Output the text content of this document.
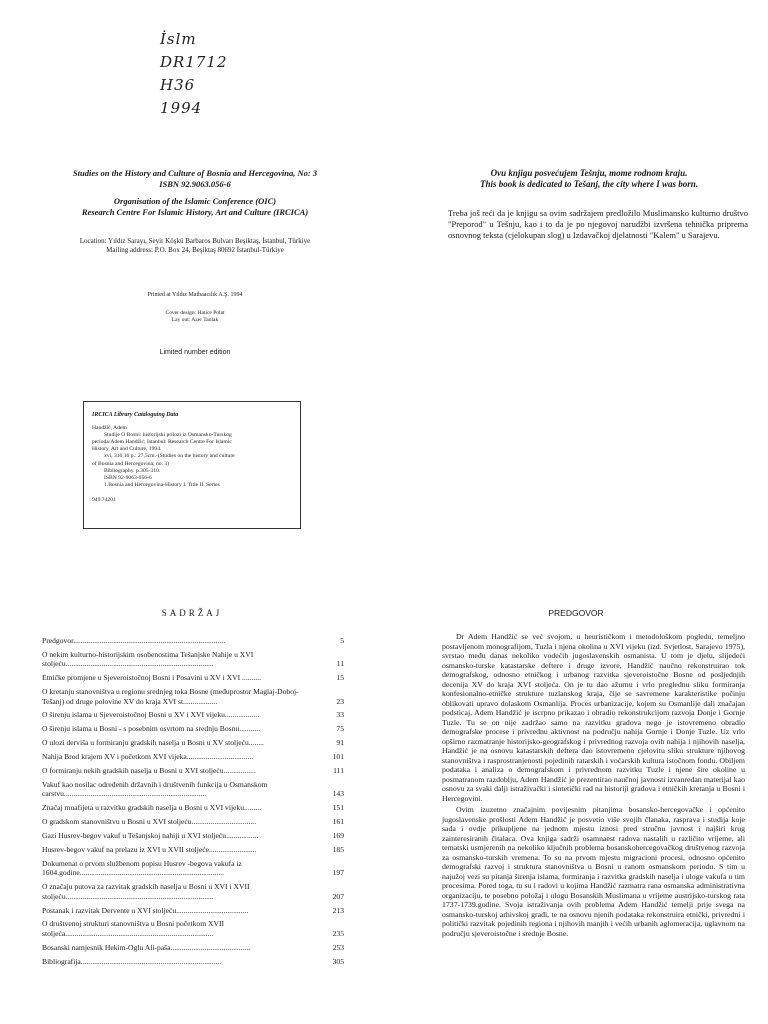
İslm
DR1712
H36
1994
Studies on the History and Culture of Bosnia and Hercegovina, No: 3
ISBN 92.9063.056-6
Organisation of the Islamic Conference (OIC)
Research Centre For Islamic History, Art and Culture (IRCICA)
Location: Yıldız Sarayı, Seyir Köşkü Barbaros Bulvarı Beşiktaş, İstanbul, Türkiye
Mailing address: P.O. Box 24, Beşiktaş 80692 İstanbul-Türkiye
Printed at Yıldız Matbaacılık A.Ş. 1994
Cover design: Hatice Polat
Lay out: Azer Tanlak
Limited number edition
IRCICA Library Cataloguing Data
Handžić, Adem
Studije O Bosni: historijski prilozi iz Osmansko-Turskog
perioda/Adem Handžić; Istanbul: Research Centre For Islamic
History, Art and Culture, 1994.
xvi, 310,16 p.: 27,5cm.-(Studies on the history and culture
of Bosnia and Hercegovina; no. 3)
Bibliography. p.305-310.
ISBN 92-9063-056-6
1.Bosnia and Hercegovina-History I. Title II. Series
949.74201
Ovu knjigu posvećujem Tešnju, mome rodnom kraju.
This book is dedicated to Tešanj, the city where I was born.
Treba još reći da je knjigu sa ovim sadržajem predložilo Muslimansko kulturno društvo "Preporod" u Tešnju, kao i to da je po njegovoj narudžbi izvršena tehnička priprema osnovnog teksta (cjelokupan slog) u Izdavačkoj djelatnosti "Kalem" u Sarajevu.
SADRŽAJ
Predgovor................................................................................	5
O nekim kulturno-historijskim osobenostima Tešanjske Nahije u XVI stoljeću..............................................................................	11
Etničke promjene u Sjeveroistočnoj Bosni i Posavini u XV i XVI ..........	15
O kretanju stanovništva u regionu srednjeg toka Bosne (međuprostor Maglaj-Doboj-Tešanj) od druge polovine XV do kraja XVI st..................	23
O širenju islama u Sjeveroistočnoj Bosni u XV i XVI vijeku..................	33
O širenju islama u Bosni - s posebnim osvrtom na srednju Bosnu...........	75
O ulozi derviša u formiranju gradskih naselja u Bosni u XV stoljeću........	91
Nahija Brod krajem XV i početkom XVI vijeka...................................	101
O formiranju nekih gradskih naselja u Bosni u XVI stoljeću.................	111
Vakuf kao nosilac određenih državnih i društvenih funkcija u Osmanskom carstvu...........................................................................	143
Značaj muafijeta u razvitku gradskih naselja u Bosni u XVI vijeku.........	151
O gradskom stanovništvu u Bosni u XVI stoljeću..................................	161
Gazi Husrev-begov vakuf u Tešanjskoj nahiji u XVI stoljeću.................	169
Husrev-begov vakuf na prelazu iz XVI u XVII stoljeće.........................	185
Dokumenat o prvom službenom popisu Husrev -begova vakufa iz 1604.godine............................................................................	197
O značaju putova za razvitak gradskih naselja u Bosni u XVI i XVII stoljeću..............................................................................	207
Postanak i razvitak Dervente u XVI stoljeću......................................	213
O društvenoj strukturi stanovništva u Bosni početkom XVII stoljeća..............................................................................	235
Bosanski namjesnik Hekim-Oglu Ali-paša..........................................	253
Bibliografija..........................................................................	305
PREDGOVOR

Dr Adem Handžić se već svojom, u heurističkom i metodološkom pogledu, temeljno postavljenom monografijom, Tuzla i njena okolina u XVI vijeku (izd. Svjetlost, Sarajevo 1975), svrstao među danas nekoliko vodećih jugoslavenskih osmanista. U tom je djelu, slijedeći osmansko-turske katastarske deftere i druge izvore, Handžić naučno rekonstruirao tok demografskog, odnosno etničkog i urbanog razvitka sjeveroistočne Bosne od posljednjih decenija XV do kraja XVI stoljeća. On je tu dao ažurnu i vrlo preglednu sliku formiranja konfesionalno-etničke strukture tuzlanskog kraja, čije se savremene karakteristike počinju oblikovati upravo dolaskom Osmanlija. Proces urbanizacije, kojem su Osmanlije dali značajan podsticaj, Adem Handžić je iscrpno prikazao i obradio rekonstrukcijom razvoja Donje i Gornje Tuzle. Tu se on nije zadržao samo na razvitku gradova nego je istovremeno obradio demografske procese i privrednu aktivnost na području nahija Gornje i Donje Tuzle. Uz vrlo opširno razmatranje historijsko-geografskog i privrednog razvoja ovih nahija i njihovih naselja, Handžić je na osnovu katastarskih deftera dao istovremeno cjelovitu sliku strukture njihovog stanovništva i rasprostranjenosti pojedinih ratarskih i voćarskih kultura istočnom fondu. Obiljem podataka i analiza o demografskom i privrednom razvitku Tuzle i njene šire okoline u posmatranom razdoblju, Adem Handžić je prezentirao naučnoj javnosti izvanredan materijal kao osnovu za svaki dalji istraživački i sintetički rad na historiji gradova i etničkih kretanja u Bosni i Hercegovini.

Ovim izuzetno značajnim povijesnim pitanjima bosansko-hercegovačke i općenito jugoslavenske prošlosti Adem Handžić je posvetio više svojih članaka, rasprava i studija koje sada i ovdje prikupljene na jednom mjestu iznosi pred stručnu javnost i najširi krug zainteresiranih čitalaca. Ova knjiga sadrži osamnaest radova nastalih u različito vrijeme, ali tematski usmjerenih na nekoliko ključnih problema bosanskohercegovačkog društvenog razvoja za osmansko-turskih vremena. To su na prvom mjestu migracioni procesi, odnosno općenito demografski razvoj i struktura stanovništva u Bosni u ranom osmanskom periodu. S tim u najužoj vezi su pitanja širenja islama, formiranja i razvitka gradskih naselja i uloge vakufa u tim procesima. Pored toga, tu su i radovi u kojima Handžić razmatra rana osmanska administrativna organizaciju, te posebno položaj i ulogu Bosanskih Muslimana u vrijeme austrijsko-turskog rata 1737-1739.godine. Svoja istraživanja ovih problema Adem Handžić temelji prije svega na osmansko-turskoj arhivskoj građi, te na osnovu njenih podataka rekonstruira etnički, privredni i politički razvitak pojedinih regiona i njihovih manjih i većih urbanih aglomeracija, uglavnom na području sjeveroistočne i srednje Bosne.
